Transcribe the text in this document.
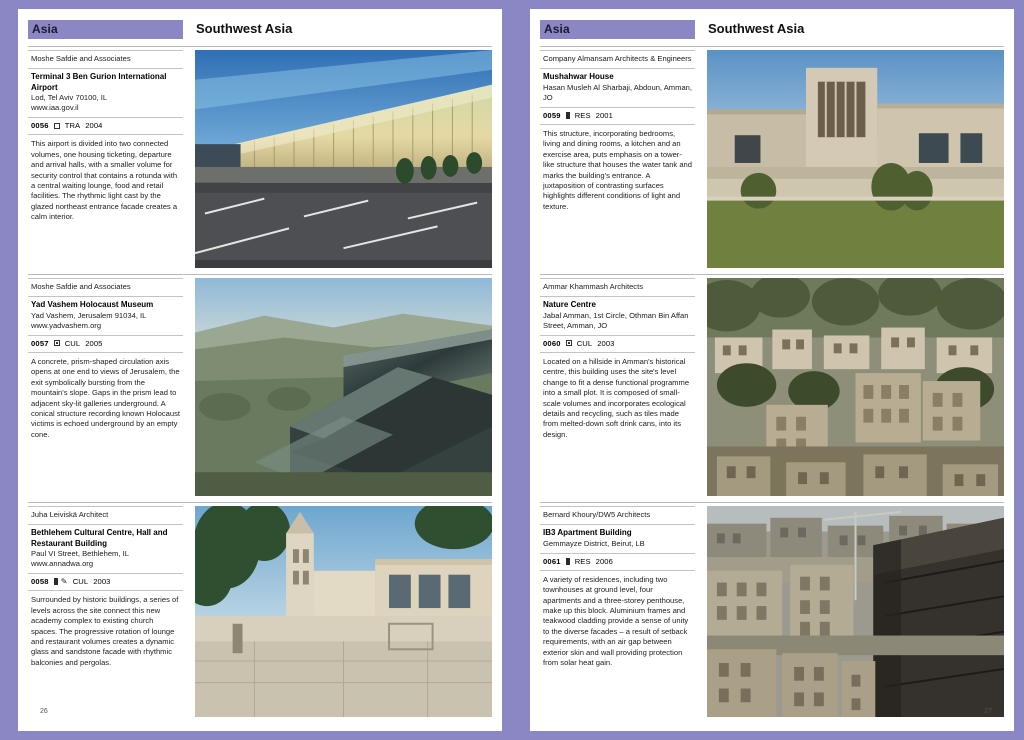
Asia	Southwest Asia
Moshe Safdie and Associates
Terminal 3 Ben Gurion International Airport
Lod, Tel Aviv 70100, IL
www.iaa.gov.il
0056 TRA 2004
This airport is divided into two connected volumes, one housing ticketing, departure and arrival halls, with a smaller volume for security control that contains a rotunda with a central waiting lounge, food and retail facilities. The rhythmic light cast by the glazed northeast entrance facade creates a calm interior.
Moshe Safdie and Associates
Yad Vashem Holocaust Museum
Yad Vashem, Jerusalem 91034, IL
www.yadvashem.org
0057 CUL 2005
A concrete, prism-shaped circulation axis opens at one end to views of Jerusalem, the exit symbolically bursting from the mountain's slope. Gaps in the prism lead to adjacent sky-lit galleries underground. A conical structure recording known Holocaust victims is echoed underground by an empty cone.
Juha Leiviskä Architect
Bethlehem Cultural Centre, Hall and Restaurant Building
Paul VI Street, Bethlehem, IL
www.annadwa.org
0058 ✎ CUL 2003
Surrounded by historic buildings, a series of levels across the site connect this new academy complex to existing church spaces. The progressive rotation of lounge and restaurant volumes creates a dynamic glass and sandstone facade with rhythmic balconies and pergolas.
26
Asia	Southwest Asia
Company Almansam Architects & Engineers
Mushahwar House
Hasan Musleh Al Sharbaji, Abdoun, Amman, JO
0059 RES 2001
This structure, incorporating bedrooms, living and dining rooms, a kitchen and an exercise area, puts emphasis on a tower-like structure that houses the water tank and marks the building's entrance. A juxtaposition of contrasting surfaces highlights different conditions of light and texture.
Ammar Khammash Architects
Nature Centre
Jabal Amman, 1st Circle, Othman Bin Affan Street, Amman, JO
0060 CUL 2003
Located on a hillside in Amman's historical centre, this building uses the site's level change to fit a dense functional programme into a small plot. It is composed of small-scale volumes and incorporates ecological details and recycling, such as tiles made from melted-down soft drink cans, into its design.
Bernard Khoury/DW5 Architects
IB3 Apartment Building
Gemmayze District, Beirut, LB
0061 RES 2006
A variety of residences, including two townhouses at ground level, four apartments and a three-storey penthouse, make up this block. Aluminium frames and teakwood cladding provide a sense of unity to the diverse facades – a result of setback requirements, with an air gap between exterior skin and wall providing protection from solar heat gain.
27
